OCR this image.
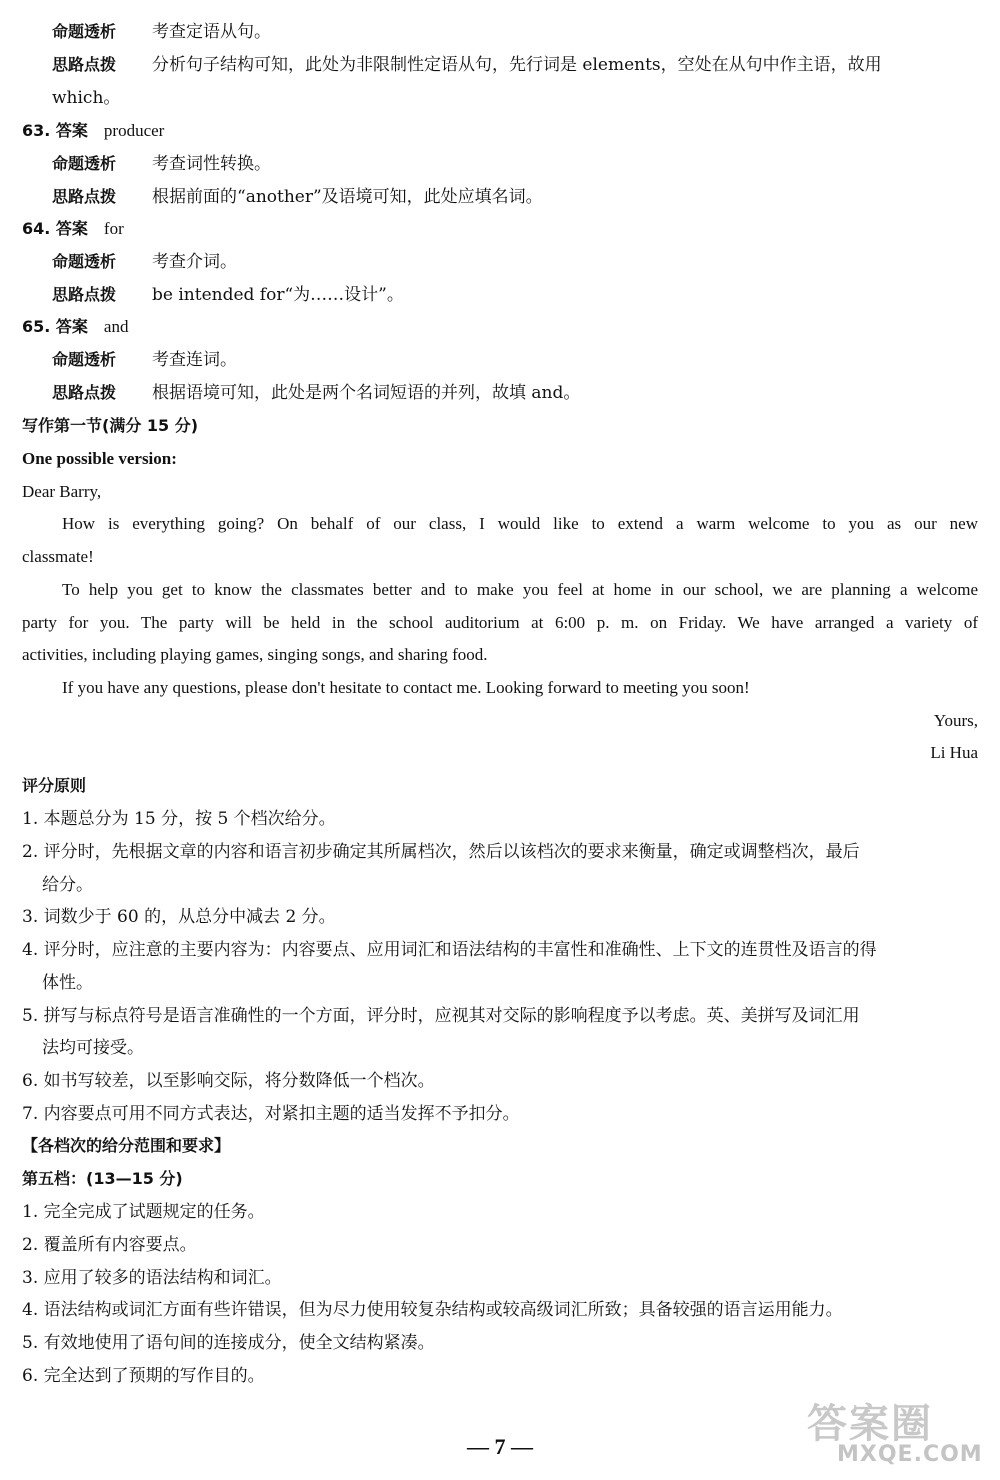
命题透析 考查定语从句。
思路点拨 分析句子结构可知，此处为非限制性定语从句，先行词是 elements，空处在从句中作主语，故用
which。
63. 答案 producer
命题透析 考查词性转换。
思路点拨 根据前面的“another”及语境可知，此处应填名词。
64. 答案 for
命题透析 考查介词。
思路点拨 be intended for“为……设计”。
65. 答案 and
命题透析 考查连词。
思路点拨 根据语境可知，此处是两个名词短语的并列，故填 and。
写作第一节(满分 15 分)
One possible version:
Dear Barry,
How is everything going? On behalf of our class, I would like to extend a warm welcome to you as our new
classmate!
To help you get to know the classmates better and to make you feel at home in our school, we are planning a welcome
party for you. The party will be held in the school auditorium at 6:00 p. m. on Friday. We have arranged a variety of
activities, including playing games, singing songs, and sharing food.
If you have any questions, please don't hesitate to contact me. Looking forward to meeting you soon!
Yours,
Li Hua
评分原则
1. 本题总分为 15 分，按 5 个档次给分。
2. 评分时，先根据文章的内容和语言初步确定其所属档次，然后以该档次的要求来衡量，确定或调整档次，最后
给分。
3. 词数少于 60 的，从总分中减去 2 分。
4. 评分时，应注意的主要内容为：内容要点、应用词汇和语法结构的丰富性和准确性、上下文的连贯性及语言的得
体性。
5. 拼写与标点符号是语言准确性的一个方面，评分时，应视其对交际的影响程度予以考虑。英、美拼写及词汇用
法均可接受。
6. 如书写较差，以至影响交际，将分数降低一个档次。
7. 内容要点可用不同方式表达，对紧扣主题的适当发挥不予扣分。
【各档次的给分范围和要求】
第五档：(13—15 分)
1. 完全完成了试题规定的任务。
2. 覆盖所有内容要点。
3. 应用了较多的语法结构和词汇。
4. 语法结构或词汇方面有些许错误，但为尽力使用较复杂结构或较高级词汇所致；具备较强的语言运用能力。
5. 有效地使用了语句间的连接成分，使全文结构紧凑。
6. 完全达到了预期的写作目的。
— 7 —	答案圈
MXQE.COM
